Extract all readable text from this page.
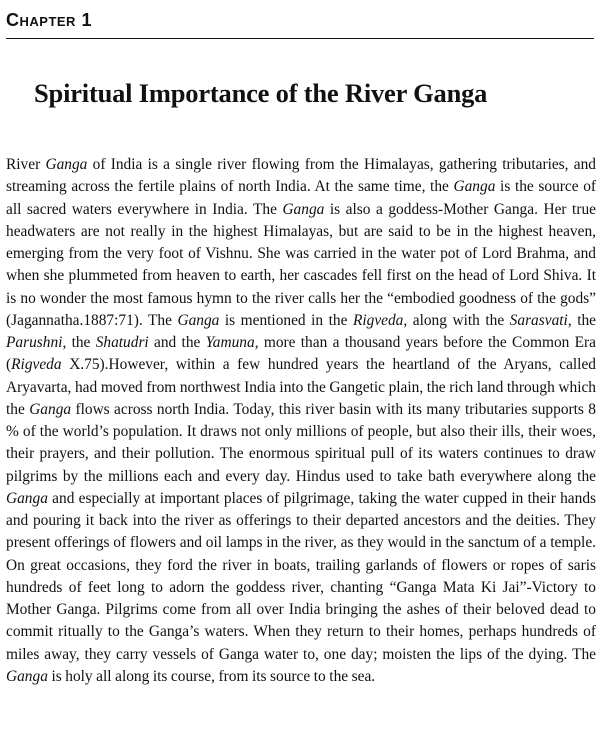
Chapter 1
Spiritual Importance of the River Ganga

River Ganga of India is a single river flowing from the Himalayas, gathering tributaries, and streaming across the fertile plains of north India. At the same time, the Ganga is the source of all sacred waters everywhere in India. The Ganga is also a goddess-Mother Ganga. Her true headwaters are not really in the highest Himalayas, but are said to be in the highest heaven, emerging from the very foot of Vishnu. She was carried in the water pot of Lord Brahma, and when she plummeted from heaven to earth, her cascades fell first on the head of Lord Shiva. It is no wonder the most famous hymn to the river calls her the “embodied goodness of the gods” (Jagannatha.1887:71). The Ganga is mentioned in the Rigveda, along with the Sarasvati, the Parushni, the Shatudri and the Yamuna, more than a thousand years before the Common Era (Rigveda X.75).However, within a few hundred years the heartland of the Aryans, called Aryavarta, had moved from northwest India into the Gangetic plain, the rich land through which the Ganga flows across north India. Today, this river basin with its many tributaries supports 8 % of the world’s population. It draws not only millions of people, but also their ills, their woes, their prayers, and their pollution. The enormous spiritual pull of its waters continues to draw pilgrims by the millions each and every day. Hindus used to take bath everywhere along the Ganga and especially at important places of pilgrimage, taking the water cupped in their hands and pouring it back into the river as offerings to their departed ancestors and the deities. They present offerings of flowers and oil lamps in the river, as they would in the sanctum of a temple. On great occasions, they ford the river in boats, trailing garlands of flowers or ropes of saris hundreds of feet long to adorn the goddess river, chanting “Ganga Mata Ki Jai”-Victory to Mother Ganga. Pilgrims come from all over India bringing the ashes of their beloved dead to commit ritually to the Ganga’s waters. When they return to their homes, perhaps hundreds of miles away, they carry vessels of Ganga water to, one day; moisten the lips of the dying. The Ganga is holy all along its course, from its source to the sea.
